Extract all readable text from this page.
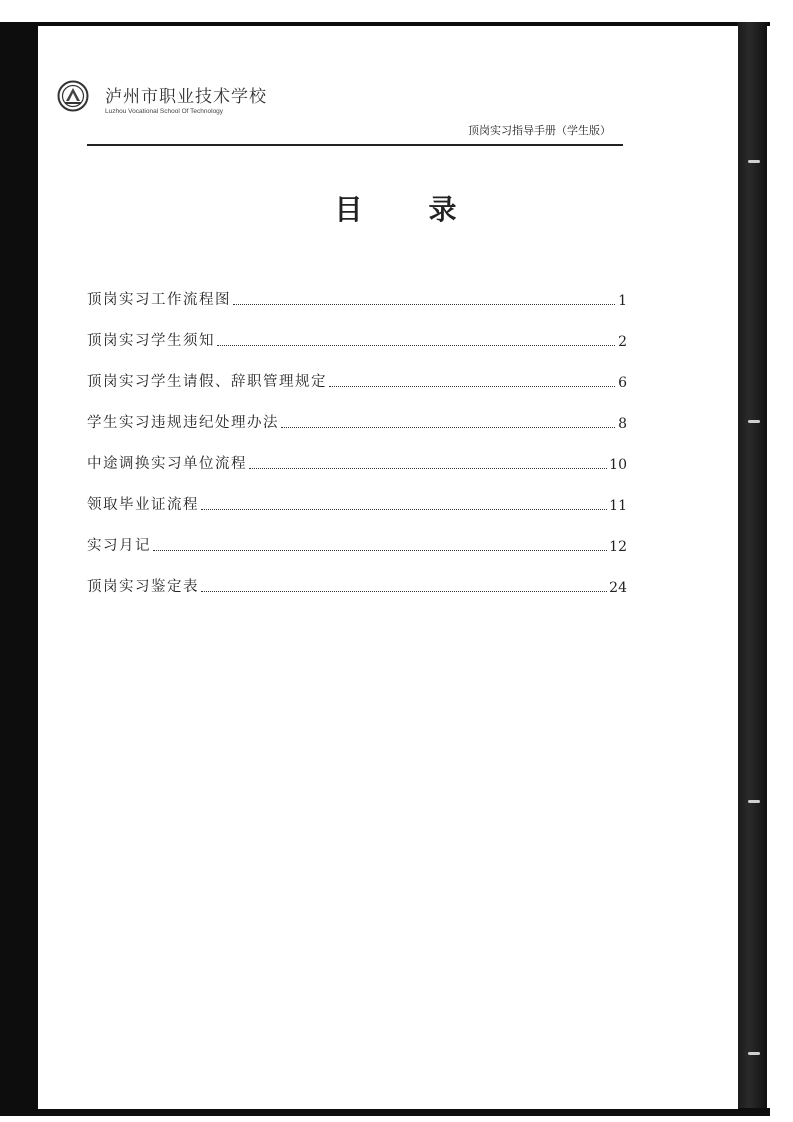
泸州市职业技术学校
Luzhou Vocational School Of Technology
顶岗实习指导手册（学生版）
目 录
顶岗实习工作流程图	1
顶岗实习学生须知	2
顶岗实习学生请假、辞职管理规定	6
学生实习违规违纪处理办法	8
中途调换实习单位流程	10
领取毕业证流程	11
实习月记	12
顶岗实习鉴定表	24
